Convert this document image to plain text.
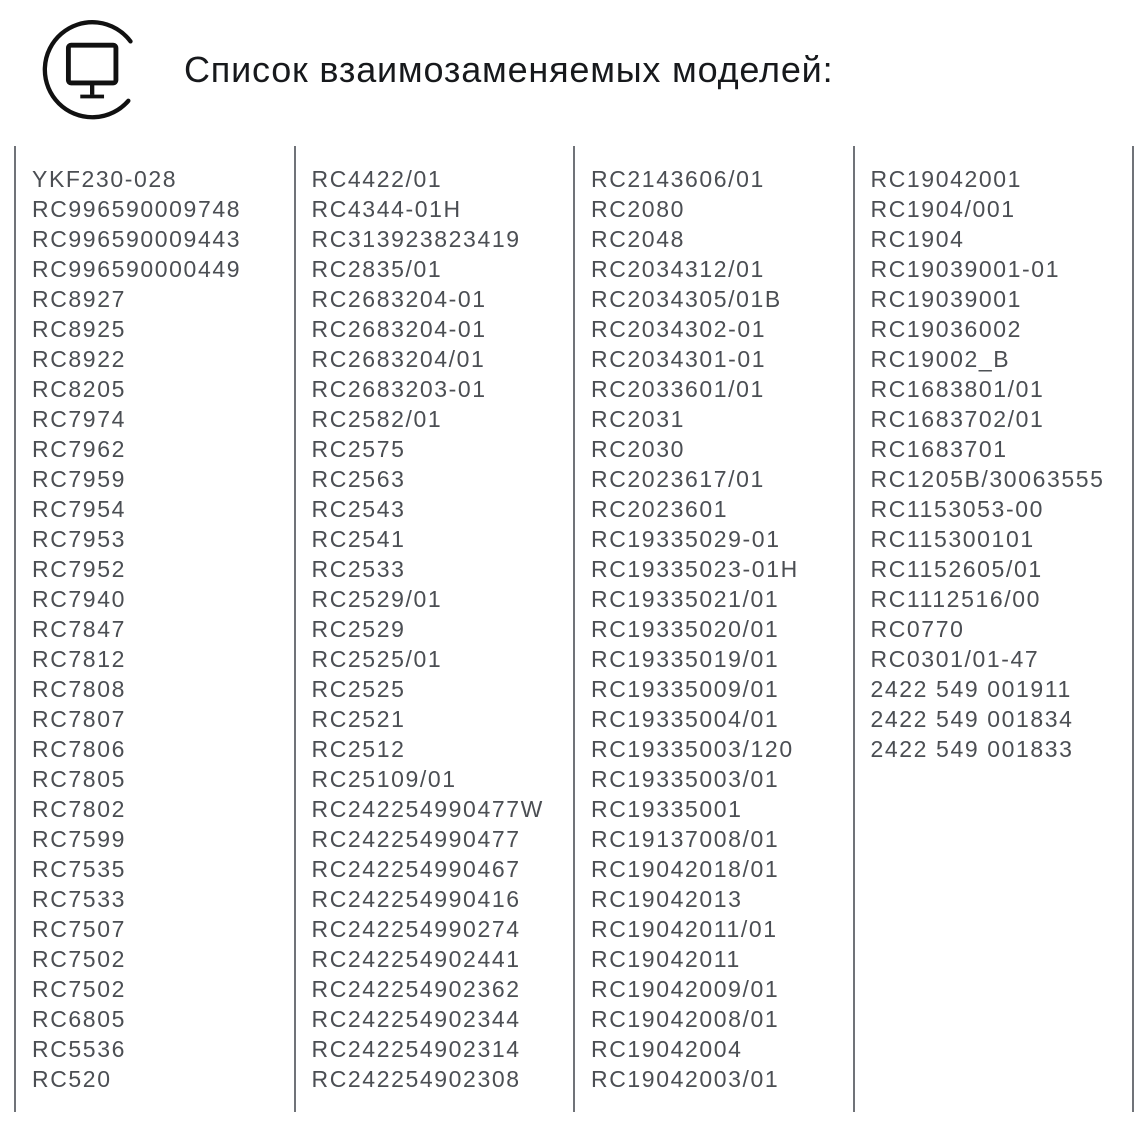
Список взаимозаменяемых моделей:
YKF230-028
RC996590009748
RC996590009443
RC996590000449
RC8927
RC8925
RC8922
RC8205
RC7974
RC7962
RC7959
RC7954
RC7953
RC7952
RC7940
RC7847
RC7812
RC7808
RC7807
RC7806
RC7805
RC7802
RC7599
RC7535
RC7533
RC7507
RC7502
RC7502
RC6805
RC5536
RC520
RC4422/01
RC4344-01H
RC313923823419
RC2835/01
RC2683204-01
RC2683204-01
RC2683204/01
RC2683203-01
RC2582/01
RC2575
RC2563
RC2543
RC2541
RC2533
RC2529/01
RC2529
RC2525/01
RC2525
RC2521
RC2512
RC25109/01
RC242254990477W
RC242254990477
RC242254990467
RC242254990416
RC242254990274
RC242254902441
RC242254902362
RC242254902344
RC242254902314
RC242254902308
RC2143606/01
RC2080
RC2048
RC2034312/01
RC2034305/01B
RC2034302-01
RC2034301-01
RC2033601/01
RC2031
RC2030
RC2023617/01
RC2023601
RC19335029-01
RC19335023-01H
RC19335021/01
RC19335020/01
RC19335019/01
RC19335009/01
RC19335004/01
RC19335003/120
RC19335003/01
RC19335001
RC19137008/01
RC19042018/01
RC19042013
RC19042011/01
RC19042011
RC19042009/01
RC19042008/01
RC19042004
RC19042003/01
RC19042001
RC1904/001
RC1904
RC19039001-01
RC19039001
RC19036002
RC19002_B
RC1683801/01
RC1683702/01
RC1683701
RC1205B/30063555
RC1153053-00
RC115300101
RC1152605/01
RC1112516/00
RC0770
RC0301/01-47
2422 549 001911
2422 549 001834
2422 549 001833
